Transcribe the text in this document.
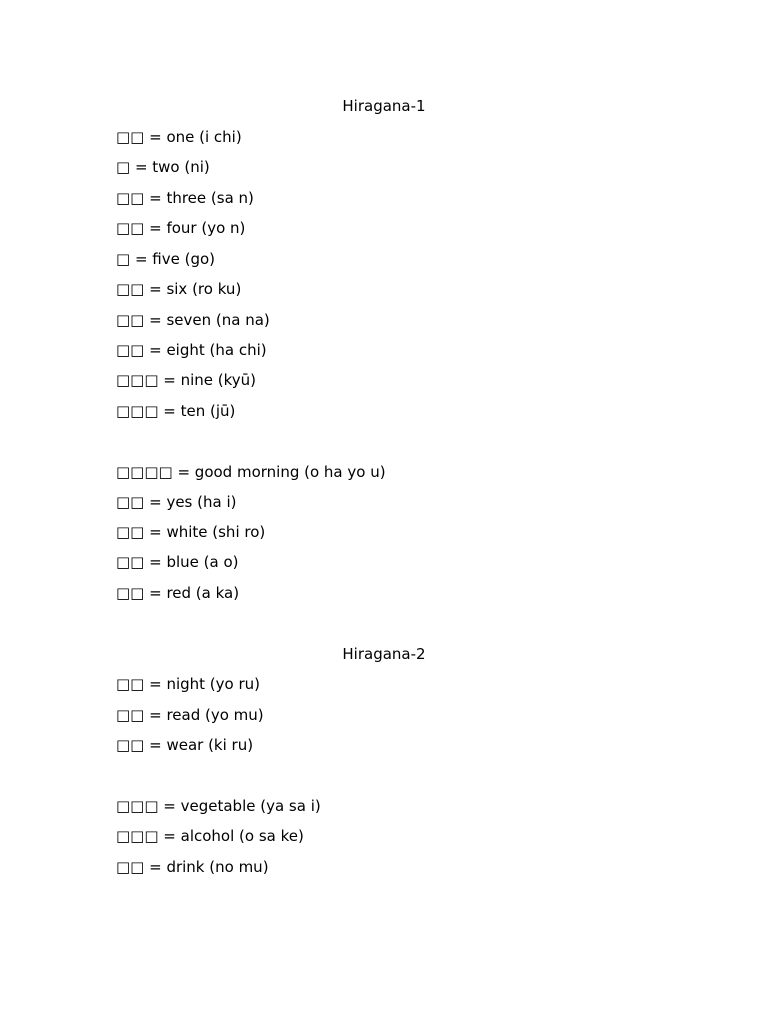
Hiragana-1
□□ = one (i chi)
□ = two (ni)
□□ = three (sa n)
□□ = four (yo n)
□ = five (go)
□□ = six (ro ku)
□□ = seven (na na)
□□ = eight (ha chi)
□□□ = nine (kyū)
□□□ = ten (jū)
□□□□ = good morning (o ha yo u)
□□ = yes (ha i)
□□ = white (shi ro)
□□ = blue (a o)
□□ = red (a ka)
Hiragana-2
□□ = night (yo ru)
□□ = read (yo mu)
□□ = wear (ki ru)
□□□ = vegetable (ya sa i)
□□□ = alcohol (o sa ke)
□□ = drink (no mu)
